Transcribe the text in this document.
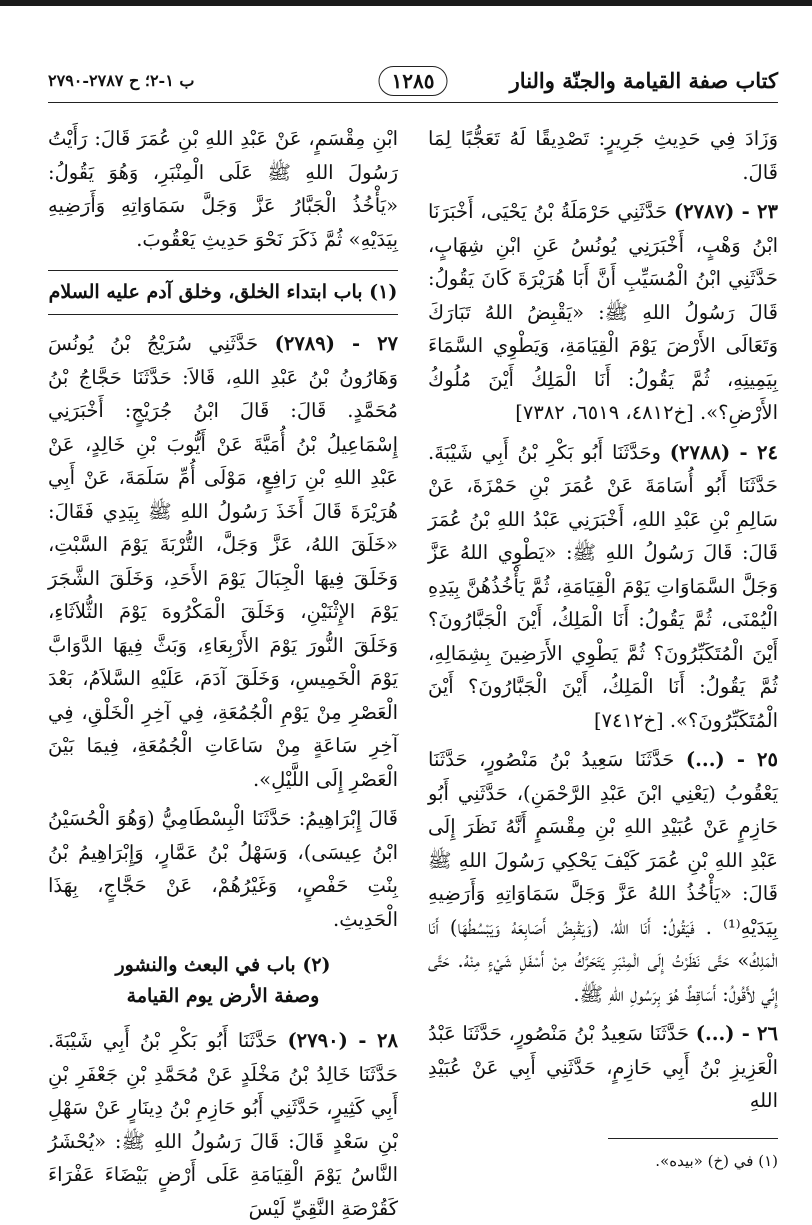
كتاب صفة القيامة والجنّة والنار
١٢٨٥
ب ١-٢؛ ح ٢٧٨٧-٢٧٩٠

وَزَادَ فِي حَدِيثِ جَرِيرٍ: تَصْدِيقًا لَهُ تَعَجُّبًا لِمَا قَالَ.

٢٣ - (٢٧٨٧) حَدَّثَنِي حَرْمَلَةُ بْنُ يَحْيَى، أَخْبَرَنَا ابْنُ وَهْبٍ، أَخْبَرَنِي يُونُسُ عَنِ ابْنِ شِهَابٍ، حَدَّثَنِي ابْنُ الْمُسَيِّبِ أَنَّ أَبَا هُرَيْرَةَ كَانَ يَقُولُ: قَالَ رَسُولُ اللهِ ﷺ: «يَقْبِضُ اللهُ تَبَارَكَ وَتَعَالَى الأَرْضَ يَوْمَ الْقِيَامَةِ، وَيَطْوِي السَّمَاءَ بِيَمِينِهِ، ثُمَّ يَقُولُ: أَنَا الْمَلِكُ أَيْنَ مُلُوكُ الأَرْضِ؟». [خ٤٨١٢، ٦٥١٩، ٧٣٨٢]

٢٤ - (٢٧٨٨) وحَدَّثَنَا أَبُو بَكْرِ بْنُ أَبِي شَيْبَةَ. حَدَّثَنَا أَبُو أُسَامَةَ عَنْ عُمَرَ بْنِ حَمْزَةَ، عَنْ سَالِمِ بْنِ عَبْدِ اللهِ، أَخْبَرَنِي عَبْدُ اللهِ بْنُ عُمَرَ قَالَ: قَالَ رَسُولُ اللهِ ﷺ: «يَطْوِي اللهُ عَزَّ وَجَلَّ السَّمَاوَاتِ يَوْمَ الْقِيَامَةِ، ثُمَّ يَأْخُذُهُنَّ بِيَدِهِ الْيُمْنَى، ثُمَّ يَقُولُ: أَنَا الْمَلِكُ، أَيْنَ الْجَبَّارُونَ؟ أَيْنَ الْمُتَكَبِّرُونَ؟ ثُمَّ يَطْوِي الأَرَضِينَ بِشِمَالِهِ، ثُمَّ يَقُولُ: أَنَا الْمَلِكُ، أَيْنَ الْجَبَّارُونَ؟ أَيْنَ الْمُتَكَبِّرُونَ؟». [خ٧٤١٢]

٢٥ - (...) حَدَّثَنَا سَعِيدُ بْنُ مَنْصُورٍ، حَدَّثَنَا يَعْقُوبُ (يَعْنِي ابْنَ عَبْدِ الرَّحْمَنِ)، حَدَّثَنِي أَبُو حَازِمٍ عَنْ عُبَيْدِ اللهِ بْنِ مِقْسَمٍ أَنَّهُ نَظَرَ إِلَى عَبْدِ اللهِ بْنِ عُمَرَ كَيْفَ يَحْكِي رَسُولَ اللهِ ﷺ قَالَ: «يَأْخُذُ اللهُ عَزَّ وَجَلَّ سَمَاوَاتِهِ وَأَرَضِيهِ بِيَدَيْهِ⁽¹⁾ . فَيَقُولُ: أَنَا اللهُ، (وَيَقْبِضُ أَصَابِعَهُ وَيَبْسُطُهَا) أَنَا الْمَلِكُ» حَتَّى نَظَرْتُ إِلَى الْمِنْبَرِ يَتَحَرَّكُ مِنْ أَسْفَلِ شَيْءٍ مِنْهُ. حَتَّى إِنِّي لأَقُولُ: أَسَاقِطٌ هُوَ بِرَسُولِ اللهِ ﷺ.

٢٦ - (...) حَدَّثَنَا سَعِيدُ بْنُ مَنْصُورٍ، حَدَّثَنَا عَبْدُ الْعَزِيزِ بْنُ أَبِي حَازِمٍ، حَدَّثَنِي أَبِي عَنْ عُبَيْدِ اللهِ

ابْنِ مِقْسَمٍ، عَنْ عَبْدِ اللهِ بْنِ عُمَرَ قَالَ: رَأَيْتُ رَسُولَ اللهِ ﷺ عَلَى الْمِنْبَرِ، وَهُوَ يَقُولُ: «يَأْخُذُ الْجَبَّارُ عَزَّ وَجَلَّ سَمَاوَاتِهِ وَأَرَضِيهِ بِيَدَيْهِ» ثُمَّ ذَكَرَ نَحْوَ حَدِيثِ يَعْقُوبَ.

(١) باب ابتداء الخلق، وخلق آدم عليه السلام

٢٧ - (٢٧٨٩) حَدَّثَنِي سُرَيْجُ بْنُ يُونُسَ وَهَارُونُ بْنُ عَبْدِ اللهِ، قَالاَ: حَدَّثَنَا حَجَّاجُ بْنُ مُحَمَّدٍ. قَالَ: قَالَ ابْنُ جُرَيْجٍ: أَخْبَرَنِي إِسْمَاعِيلُ بْنُ أُمَيَّةَ عَنْ أَيُّوبَ بْنِ خَالِدٍ، عَنْ عَبْدِ اللهِ بْنِ رَافِعٍ، مَوْلَى أُمِّ سَلَمَةَ، عَنْ أَبِي هُرَيْرَةَ قَالَ أَخَذَ رَسُولُ اللهِ ﷺ بِيَدِي فَقَالَ: «خَلَقَ اللهُ، عَزَّ وَجَلَّ، التُّرْبَةَ يَوْمَ السَّبْتِ، وَخَلَقَ فِيهَا الْجِبَالَ يَوْمَ الأَحَدِ، وَخَلَقَ الشَّجَرَ يَوْمَ الإِثْنَيْنِ، وَخَلَقَ الْمَكْرُوهَ يَوْمَ الثُّلاَثَاءِ، وَخَلَقَ النُّورَ يَوْمَ الأَرْبِعَاءِ، وَبَثَّ فِيهَا الدَّوَابَّ يَوْمَ الْخَمِيسِ، وَخَلَقَ آدَمَ، عَلَيْهِ السَّلاَمُ، بَعْدَ الْعَصْرِ مِنْ يَوْمِ الْجُمُعَةِ، فِي آخِرِ الْخَلْقِ، فِي آخِرِ سَاعَةٍ مِنْ سَاعَاتِ الْجُمُعَةِ، فِيمَا بَيْنَ الْعَصْرِ إِلَى اللَّيْلِ».

قَالَ إِبْرَاهِيمُ: حَدَّثَنَا الْبِسْطَامِيُّ (وَهُوَ الْحُسَيْنُ ابْنُ عِيسَى)، وَسَهْلُ بْنُ عَمَّارٍ، وَإِبْرَاهِيمُ بْنُ بِنْتِ حَفْصٍ، وَغَيْرُهُمْ، عَنْ حَجَّاجٍ، بِهَذَا الْحَدِيثِ.

(٢) باب في البعث والنشور
وصفة الأرض يوم القيامة

٢٨ - (٢٧٩٠) حَدَّثَنَا أَبُو بَكْرِ بْنُ أَبِي شَيْبَةَ. حَدَّثَنَا خَالِدُ بْنُ مَخْلَدٍ عَنْ مُحَمَّدِ بْنِ جَعْفَرِ بْنِ أَبِي كَثِيرٍ، حَدَّثَنِي أَبُو حَازِمِ بْنُ دِينَارٍ عَنْ سَهْلِ بْنِ سَعْدٍ قَالَ: قَالَ رَسُولُ اللهِ ﷺ: «يُحْشَرُ النَّاسُ يَوْمَ الْقِيَامَةِ عَلَى أَرْضٍ بَيْضَاءَ عَفْرَاءَ كَقُرْصَةِ النَّقِيِّ لَيْسَ

(١) في (خ) «بيده».
